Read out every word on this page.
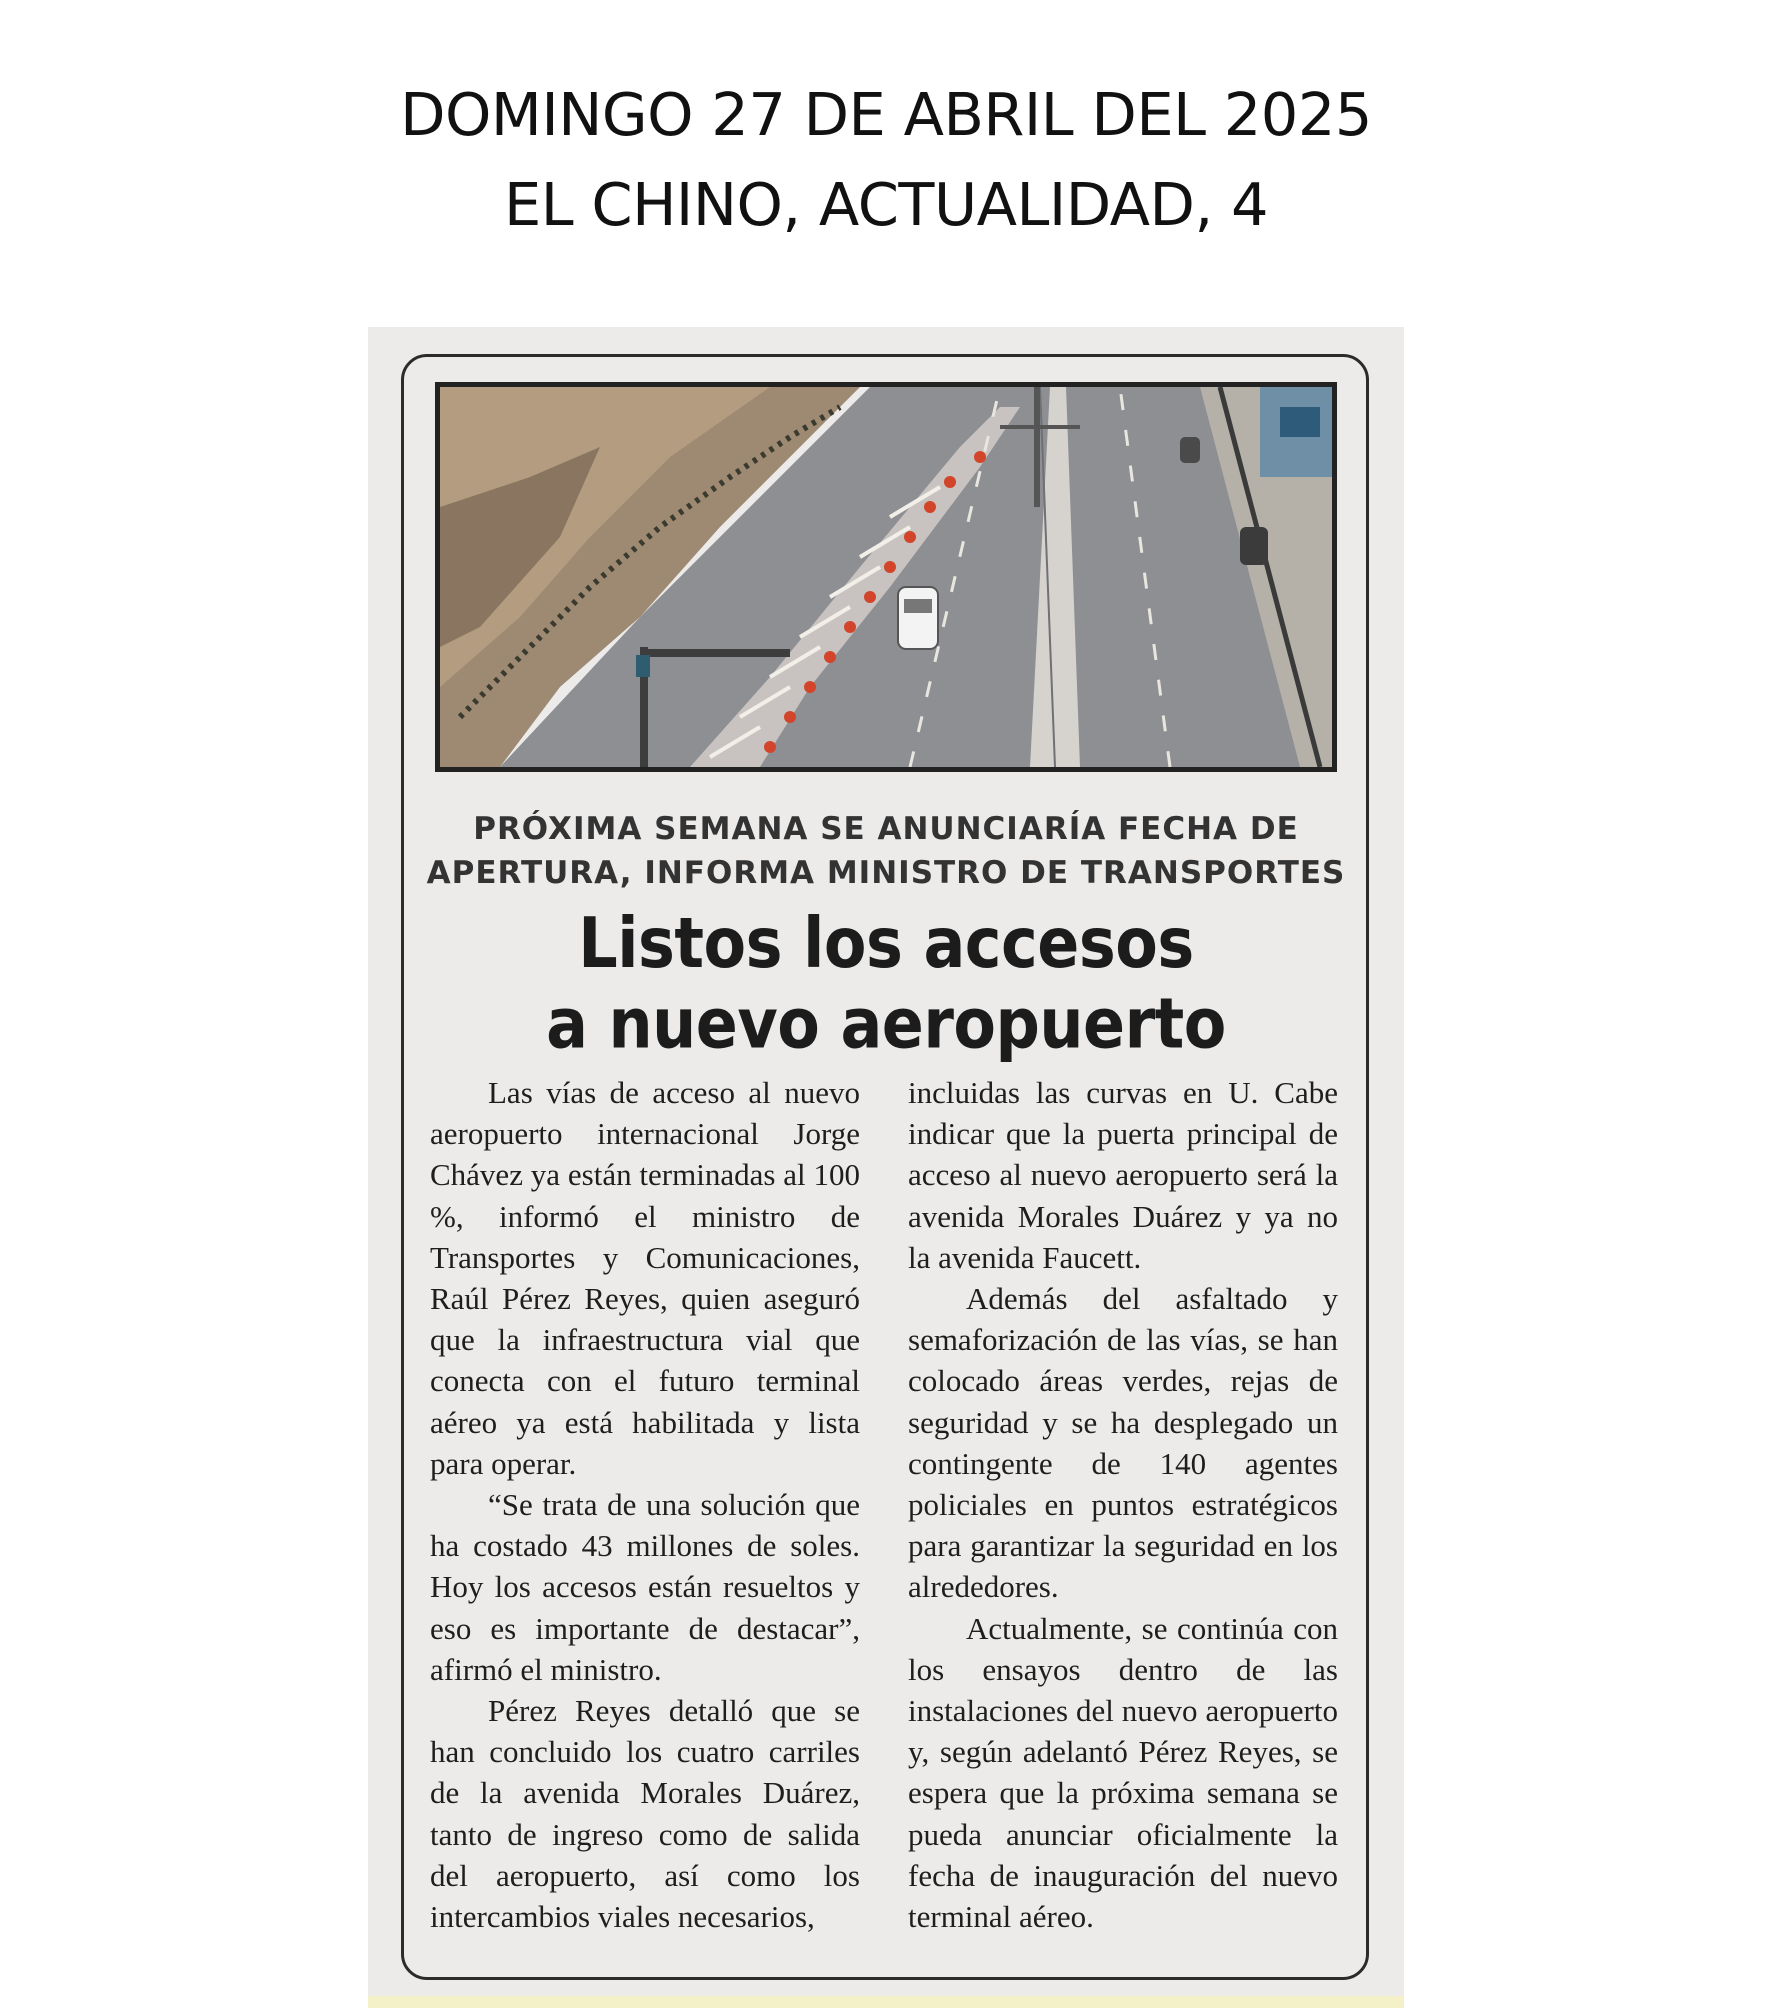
DOMINGO 27 DE ABRIL DEL 2025
EL CHINO, ACTUALIDAD, 4
PRÓXIMA SEMANA SE ANUNCIARÍA FECHA DE
APERTURA, INFORMA MINISTRO DE TRANSPORTES
Listos los accesos
a nuevo aeropuerto

Las vías de acceso al nuevo aeropuerto internacional Jorge Chávez ya están terminadas al 100 %, informó el ministro de Transportes y Comunicaciones, Raúl Pérez Reyes, quien aseguró que la infraestructura vial que conecta con el futuro terminal aéreo ya está habilitada y lista para operar.

“Se trata de una solución que ha costado 43 millones de soles. Hoy los accesos están resueltos y eso es importante de destacar”, afirmó el ministro.

Pérez Reyes detalló que se han concluido los cuatro carriles de la avenida Morales Duárez, tanto de ingreso como de salida del aeropuerto, así como los intercambios viales necesarios,

incluidas las curvas en U. Cabe indicar que la puerta principal de acceso al nuevo aeropuerto será la avenida Morales Duárez y ya no la avenida Faucett.

Además del asfaltado y semaforización de las vías, se han colocado áreas verdes, rejas de seguridad y se ha desplegado un contingente de 140 agentes policiales en puntos estratégicos para garantizar la seguridad en los alrededores.

Actualmente, se continúa con los ensayos dentro de las instalaciones del nuevo aeropuerto y, según adelantó Pérez Reyes, se espera que la próxima semana se pueda anunciar oficialmente la fecha de inauguración del nuevo terminal aéreo.
